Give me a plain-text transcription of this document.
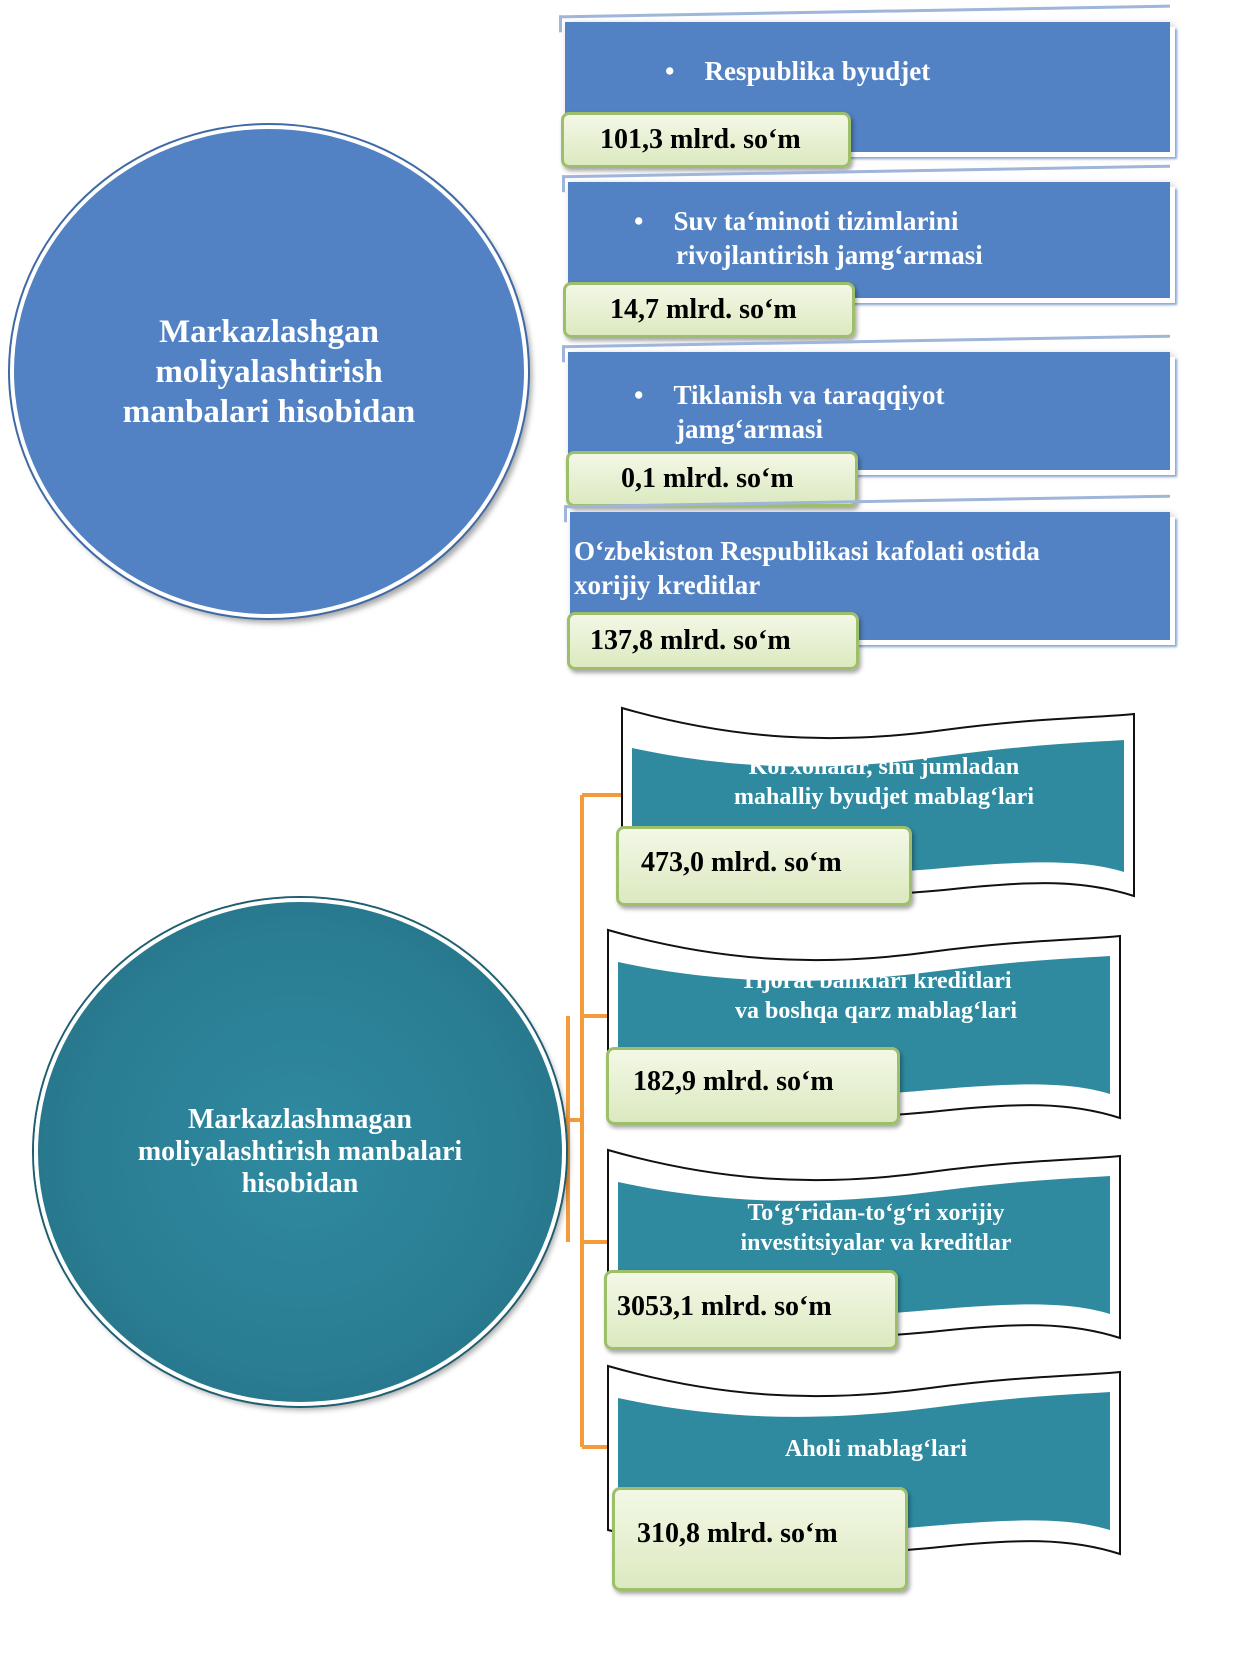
Markazlashgan
moliyalashtirish
manbalari hisobidan
• Respublika byudjet
101,3 mlrd. so‘m
• Suv ta‘minoti tizimlarini
rivojlantirish jamg‘armasi
14,7 mlrd. so‘m
• Tiklanish va taraqqiyot
jamg‘armasi
0,1 mlrd. so‘m
O‘zbekiston Respublikasi kafolati ostida
xorijiy kreditlar
137,8 mlrd. so‘m
Markazlashmagan
moliyalashtirish manbalari
hisobidan
Korxonalar, shu jumladan
mahalliy byudjet mablag‘lari
473,0 mlrd. so‘m
Tijorat banklari kreditlari
va boshqa qarz mablag‘lari
182,9 mlrd. so‘m
To‘g‘ridan-to‘g‘ri xorijiy
investitsiyalar va kreditlar
3053,1 mlrd. so‘m
Aholi mablag‘lari
310,8 mlrd. so‘m
